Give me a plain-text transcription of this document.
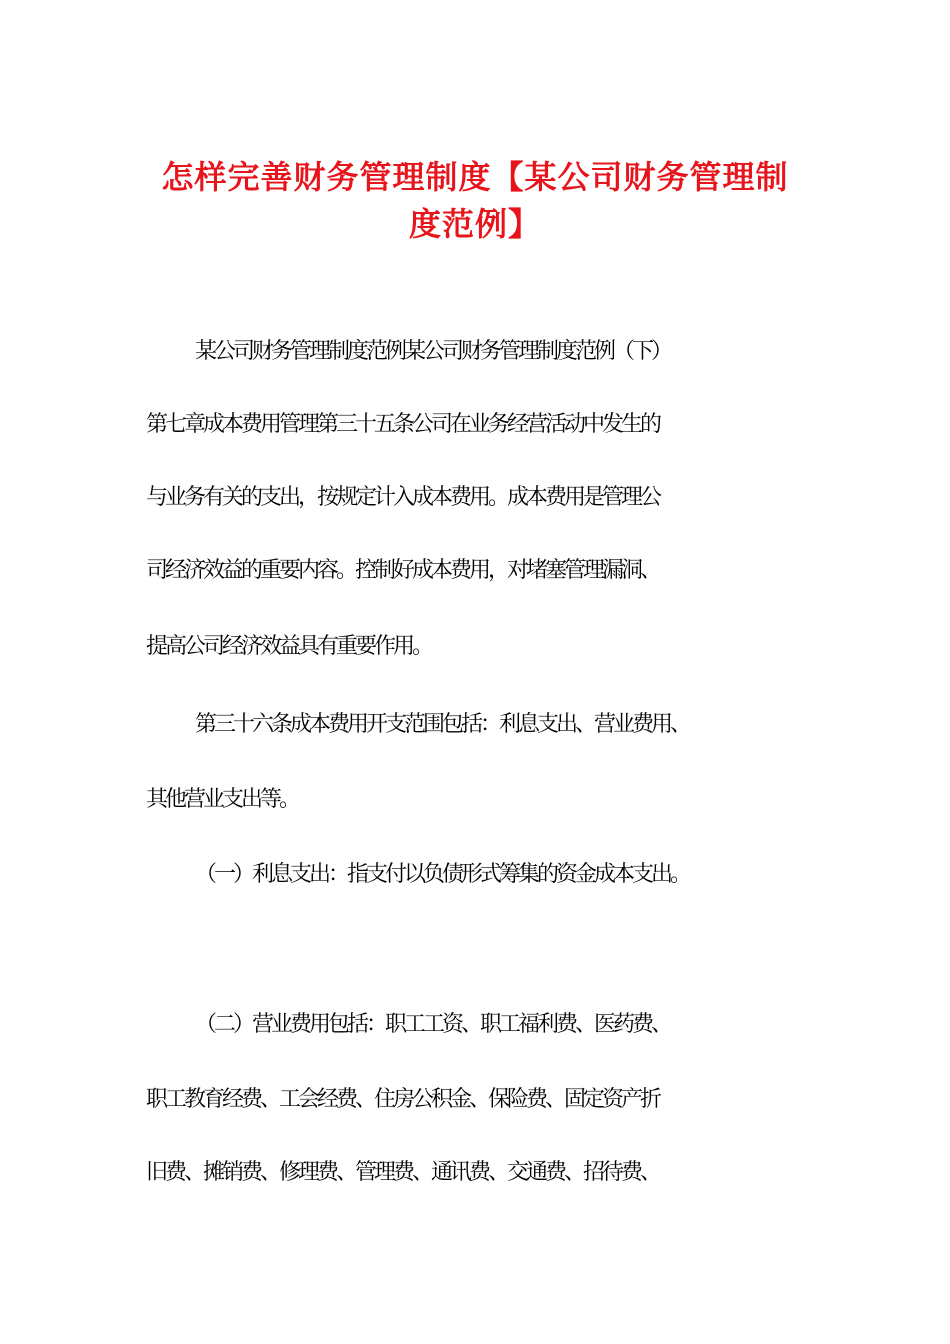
怎样完善财务管理制度【某公司财务管理制
度范例】
某公司财务管理制度范例某公司财务管理制度范例（下）
第七章成本费用管理第三十五条公司在业务经营活动中发生的
与业务有关的支出，按规定计入成本费用。成本费用是管理公
司经济效益的重要内容。控制好成本费用，对堵塞管理漏洞、
提高公司经济效益具有重要作用。
第三十六条成本费用开支范围包括：利息支出、营业费用、
其他营业支出等。
（一）利息支出：指支付以负债形式筹集的资金成本支出。
（二）营业费用包括：职工工资、职工福利费、医药费、
职工教育经费、工会经费、住房公积金、保险费、固定资产折
旧费、摊销费、修理费、管理费、通讯费、交通费、招待费、
